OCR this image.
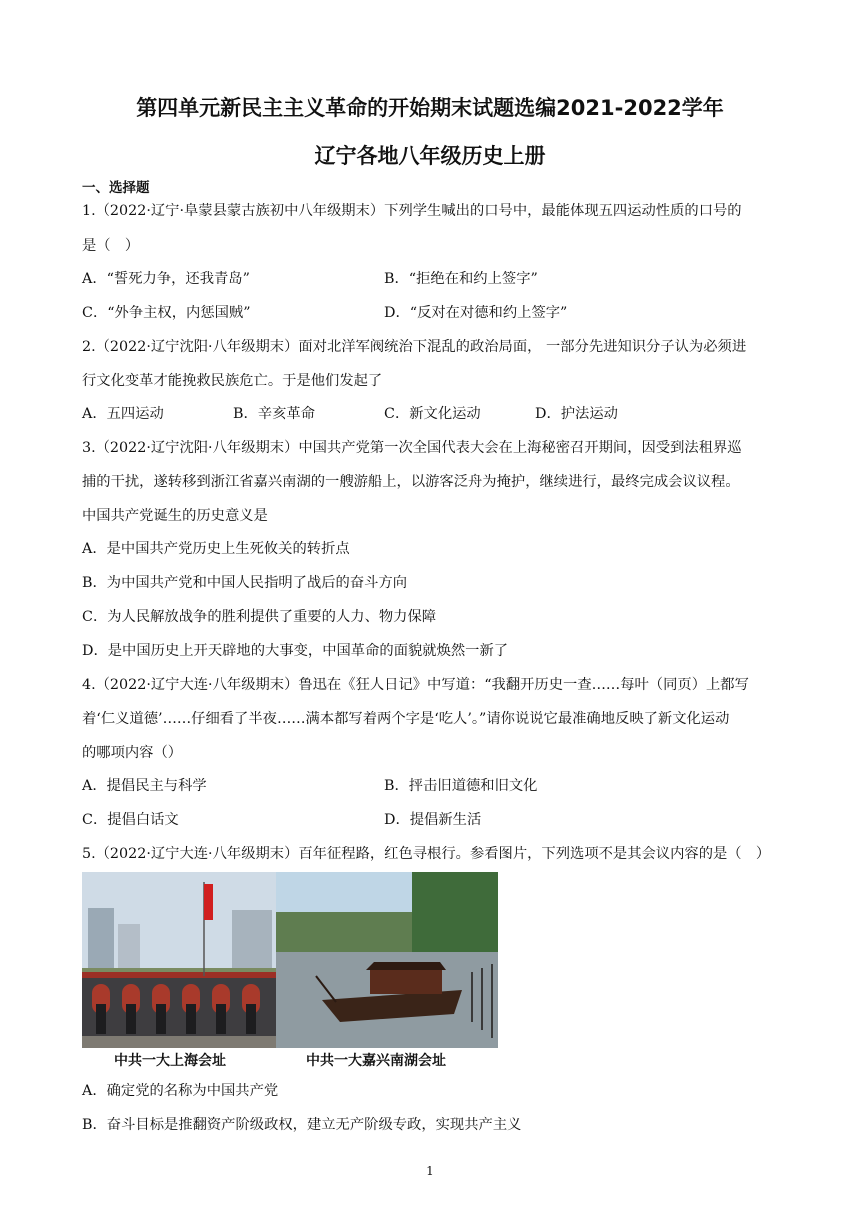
第四单元新民主主义革命的开始期末试题选编2021-2022学年
辽宁各地八年级历史上册
一、选择题
1.（2022·辽宁·阜蒙县蒙古族初中八年级期末）下列学生喊出的口号中，最能体现五四运动性质的口号的
是（　）
A．“誓死力争，还我青岛”	B．“拒绝在和约上签字”
C．“外争主权，内惩国贼”	D．“反对在对德和约上签字”
2.（2022·辽宁沈阳·八年级期末）面对北洋军阀统治下混乱的政治局面， 一部分先进知识分子认为必须进
行文化变革才能挽救民族危亡。于是他们发起了
A．五四运动	B．辛亥革命	C．新文化运动	D．护法运动
3.（2022·辽宁沈阳·八年级期末）中国共产党第一次全国代表大会在上海秘密召开期间，因受到法租界巡
捕的干扰，遂转移到浙江省嘉兴南湖的一艘游船上，以游客泛舟为掩护，继续进行，最终完成会议议程。
中国共产党诞生的历史意义是
A．是中国共产党历史上生死攸关的转折点
B．为中国共产党和中国人民指明了战后的奋斗方向
C．为人民解放战争的胜利提供了重要的人力、物力保障
D．是中国历史上开天辟地的大事变，中国革命的面貌就焕然一新了
4.（2022·辽宁大连·八年级期末）鲁迅在《狂人日记》中写道：“我翻开历史一查……每叶（同页）上都写
着‘仁义道德’……仔细看了半夜……满本都写着两个字是‘吃人’。”请你说说它最准确地反映了新文化运动
的哪项内容（）
A．提倡民主与科学	B．抨击旧道德和旧文化
C．提倡白话文	D．提倡新生活
5.（2022·辽宁大连·八年级期末）百年征程路，红色寻根行。参看图片，下列选项不是其会议内容的是（　）
中共一大上海会址	中共一大嘉兴南湖会址
A．确定党的名称为中国共产党
B．奋斗目标是推翻资产阶级政权，建立无产阶级专政，实现共产主义
1
